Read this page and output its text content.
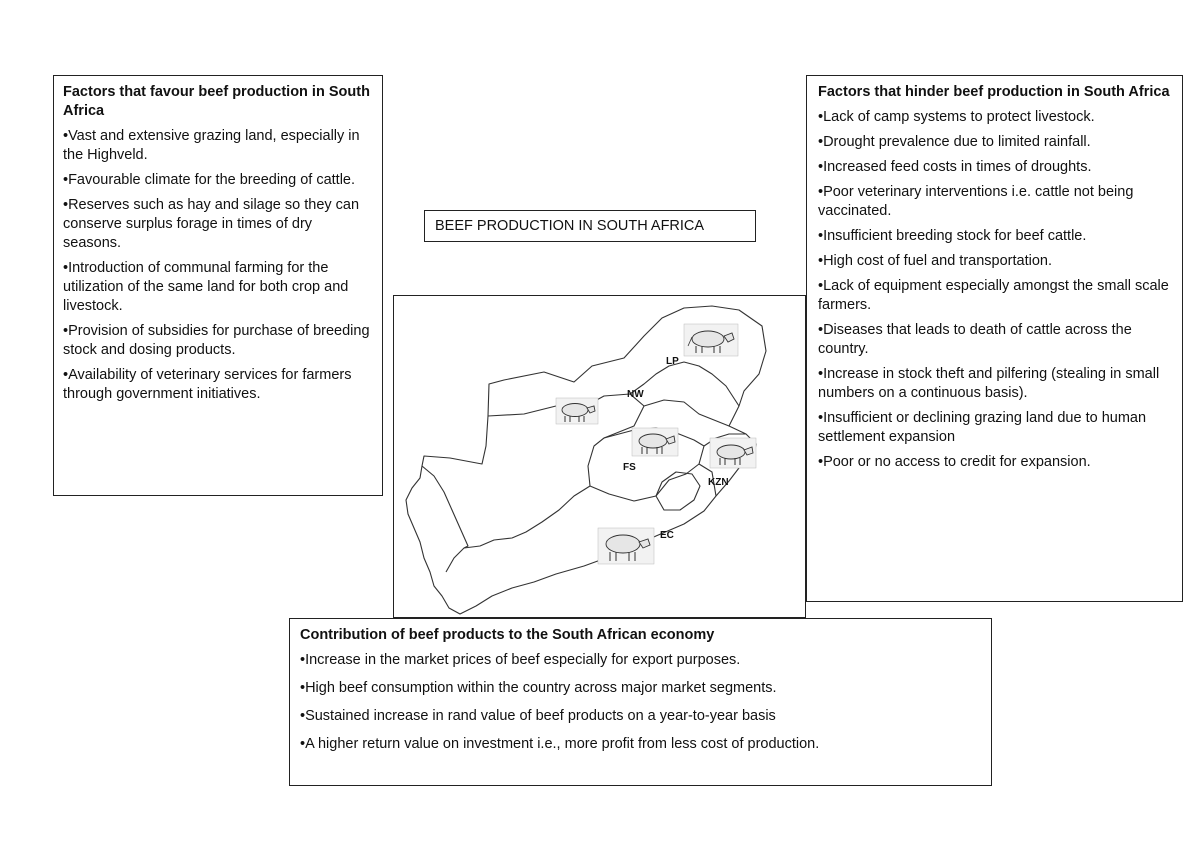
Factors that favour beef production in South Africa

•Vast and extensive grazing land, especially in the Highveld.

•Favourable climate for the breeding of cattle.

•Reserves such as hay and silage so they can conserve surplus forage in times of dry seasons.

•Introduction of communal farming for the utilization of the same land for both crop and livestock.

•Provision of subsidies for purchase of breeding stock and dosing products.

•Availability of veterinary services for farmers through government initiatives.

BEEF PRODUCTION IN SOUTH AFRICA
LP
NW
FS
KZN
EC
Factors that hinder beef production in South Africa

•Lack of camp systems to protect livestock.

•Drought prevalence due to limited rainfall.

•Increased feed costs in times of droughts.

•Poor veterinary interventions i.e. cattle not being vaccinated.

•Insufficient breeding stock for beef cattle.

•High cost of fuel and transportation.

•Lack of equipment especially amongst the small scale farmers.

•Diseases that leads to death of cattle across the country.

•Increase in stock theft and pilfering (stealing in small numbers on a continuous basis).

•Insufficient or declining grazing land due to human settlement expansion

•Poor or no access to credit for expansion.

Contribution of beef products to the South African economy

•Increase in the market prices of beef especially for export purposes.

•High beef consumption within the country across major market segments.

•Sustained increase in rand value of beef products on a year-to-year basis

•A higher return value on investment i.e., more profit from less cost of production.
